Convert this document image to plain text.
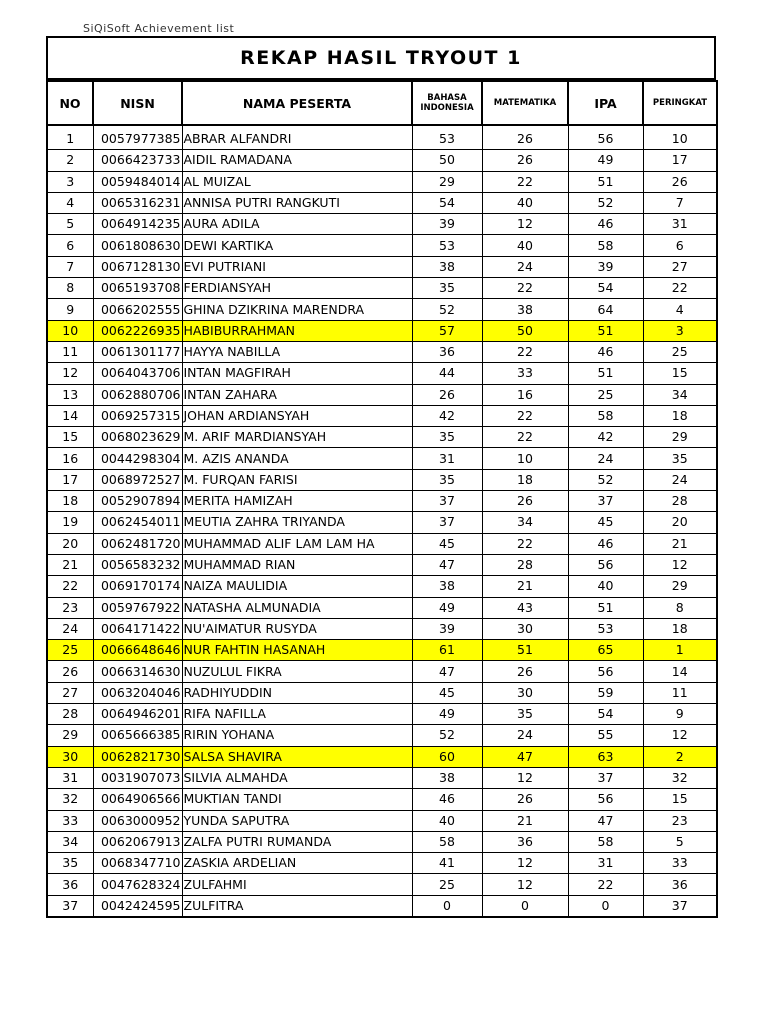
SiQiSoft Achievement list
REKAP HASIL TRYOUT 1
NO	NISN	NAMA PESERTA	BAHASA
INDONESIA	MATEMATIKA	IPA	PERINGKAT
1	0057977385	ABRAR ALFANDRI	53	26	56	10
2	0066423733	AIDIL RAMADANA	50	26	49	17
3	0059484014	AL MUIZAL	29	22	51	26
4	0065316231	ANNISA PUTRI RANGKUTI	54	40	52	7
5	0064914235	AURA ADILA	39	12	46	31
6	0061808630	DEWI KARTIKA	53	40	58	6
7	0067128130	EVI PUTRIANI	38	24	39	27
8	0065193708	FERDIANSYAH	35	22	54	22
9	0066202555	GHINA DZIKRINA MARENDRA	52	38	64	4
10	0062226935	HABIBURRAHMAN	57	50	51	3
11	0061301177	HAYYA NABILLA	36	22	46	25
12	0064043706	INTAN MAGFIRAH	44	33	51	15
13	0062880706	INTAN ZAHARA	26	16	25	34
14	0069257315	JOHAN ARDIANSYAH	42	22	58	18
15	0068023629	M. ARIF MARDIANSYAH	35	22	42	29
16	0044298304	M. AZIS ANANDA	31	10	24	35
17	0068972527	M. FURQAN FARISI	35	18	52	24
18	0052907894	MERITA HAMIZAH	37	26	37	28
19	0062454011	MEUTIA ZAHRA TRIYANDA	37	34	45	20
20	0062481720	MUHAMMAD ALIF LAM LAM HA	45	22	46	21
21	0056583232	MUHAMMAD RIAN	47	28	56	12
22	0069170174	NAIZA MAULIDIA	38	21	40	29
23	0059767922	NATASHA ALMUNADIA	49	43	51	8
24	0064171422	NU'AIMATUR RUSYDA	39	30	53	18
25	0066648646	NUR FAHTIN HASANAH	61	51	65	1
26	0066314630	NUZULUL FIKRA	47	26	56	14
27	0063204046	RADHIYUDDIN	45	30	59	11
28	0064946201	RIFA NAFILLA	49	35	54	9
29	0065666385	RIRIN YOHANA	52	24	55	12
30	0062821730	SALSA SHAVIRA	60	47	63	2
31	0031907073	SILVIA ALMAHDA	38	12	37	32
32	0064906566	MUKTIAN TANDI	46	26	56	15
33	0063000952	YUNDA SAPUTRA	40	21	47	23
34	0062067913	ZALFA PUTRI RUMANDA	58	36	58	5
35	0068347710	ZASKIA ARDELIAN	41	12	31	33
36	0047628324	ZULFAHMI	25	12	22	36
37	0042424595	ZULFITRA	0	0	0	37
